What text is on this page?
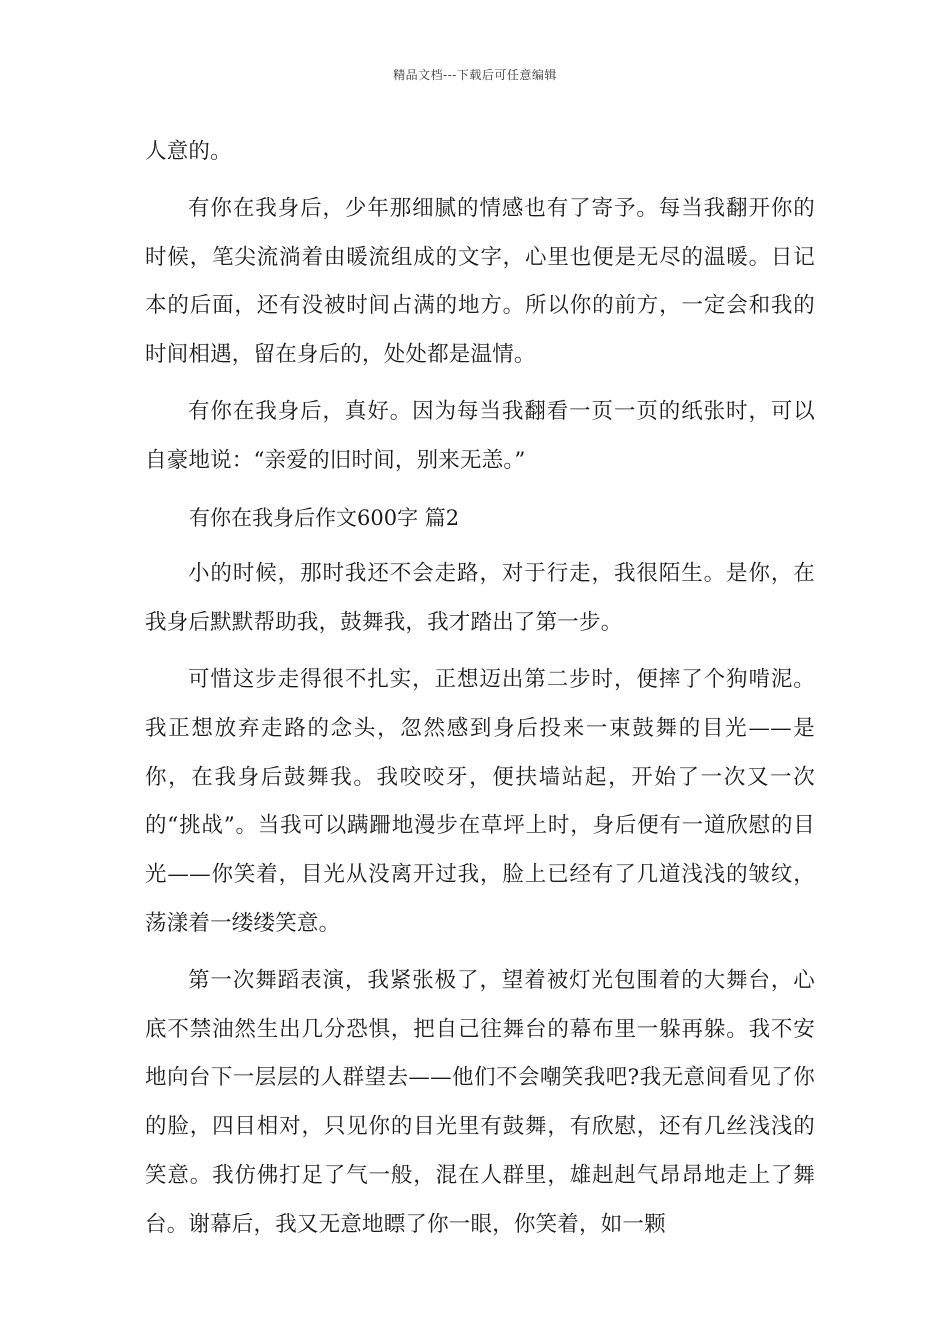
精品文档---下载后可任意编辑

人意的。

有你在我身后，少年那细腻的情感也有了寄予。每当我翻开你的时候，笔尖流淌着由暖流组成的文字，心里也便是无尽的温暖。日记本的后面，还有没被时间占满的地方。所以你的前方，一定会和我的时间相遇，留在身后的，处处都是温情。

有你在我身后，真好。因为每当我翻看一页一页的纸张时，可以自豪地说：“亲爱的旧时间，别来无恙。”

有你在我身后作文600字 篇2

小的时候，那时我还不会走路，对于行走，我很陌生。是你，在我身后默默帮助我，鼓舞我，我才踏出了第一步。

可惜这步走得很不扎实，正想迈出第二步时，便摔了个狗啃泥。我正想放弃走路的念头，忽然感到身后投来一束鼓舞的目光——是你，在我身后鼓舞我。我咬咬牙，便扶墙站起，开始了一次又一次的“挑战”。当我可以蹒跚地漫步在草坪上时，身后便有一道欣慰的目光——你笑着，目光从没离开过我，脸上已经有了几道浅浅的皱纹，荡漾着一缕缕笑意。

第一次舞蹈表演，我紧张极了，望着被灯光包围着的大舞台，心底不禁油然生出几分恐惧，把自己往舞台的幕布里一躲再躲。我不安地向台下一层层的人群望去——他们不会嘲笑我吧?我无意间看见了你的脸，四目相对，只见你的目光里有鼓舞，有欣慰，还有几丝浅浅的笑意。我仿佛打足了气一般，混在人群里，雄赳赳气昂昂地走上了舞台。谢幕后，我又无意地瞟了你一眼，你笑着，如一颗
